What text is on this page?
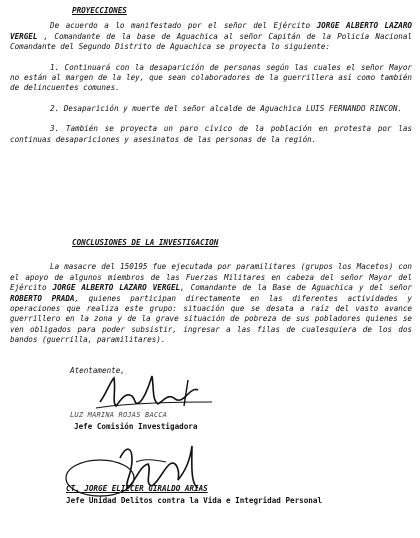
PROYECCIONES

De acuerdo a lo manifestado por el señor del Ejército JORGE ALBERTO LAZARO VERGEL , Comandante de la base de Aguachica al señor Capitán de la Policía Nacional Comandante del Segundo Distrito de Aguachica se proyecta lo siguiente:

1. Continuará con la desaparición de personas según las cuales el señor Mayor no están al margen de la ley, que sean colaboradores de la guerrillera así como también de delincuentes comunes.

2. Desaparición y muerte del señor alcalde de Aguachica LUIS FERNANDO RINCON.

3. También se proyecta un paro cívico de la población en protesta por las continuas desapariciones y asesinatos de las personas de la región.

CONCLUSIONES DE LA INVESTIGACION

La masacre del 150195 fue ejecutada por paramilitares (grupos los Macetos) con el apoyo de algunos miembros de las Fuerzas Militares en cabeza del señor Mayor del Ejército JORGE ALBERTO LAZARO VERGEL, Comandante de la Base de Aguachica y del señor ROBERTO PRADA, quienes participan directamente en las diferentes actividades y operaciones que realiza este grupo: situación que se desata a raíz del vasto avance guerrillero en la zona y de la grave situación de pobreza de sus pobladores quienes se ven obligados para poder subsistir, ingresar a las filas de cualesquiera de los dos bandos (guerrilla, paramilitares).

Atentamente,

LUZ MARINA ROJAS BACCA

Jefe Comisión Investigadora

CT. JORGE ELIECER GIRALDO ARIAS

Jefe Unidad Delitos contra la Vida e Integridad Personal
